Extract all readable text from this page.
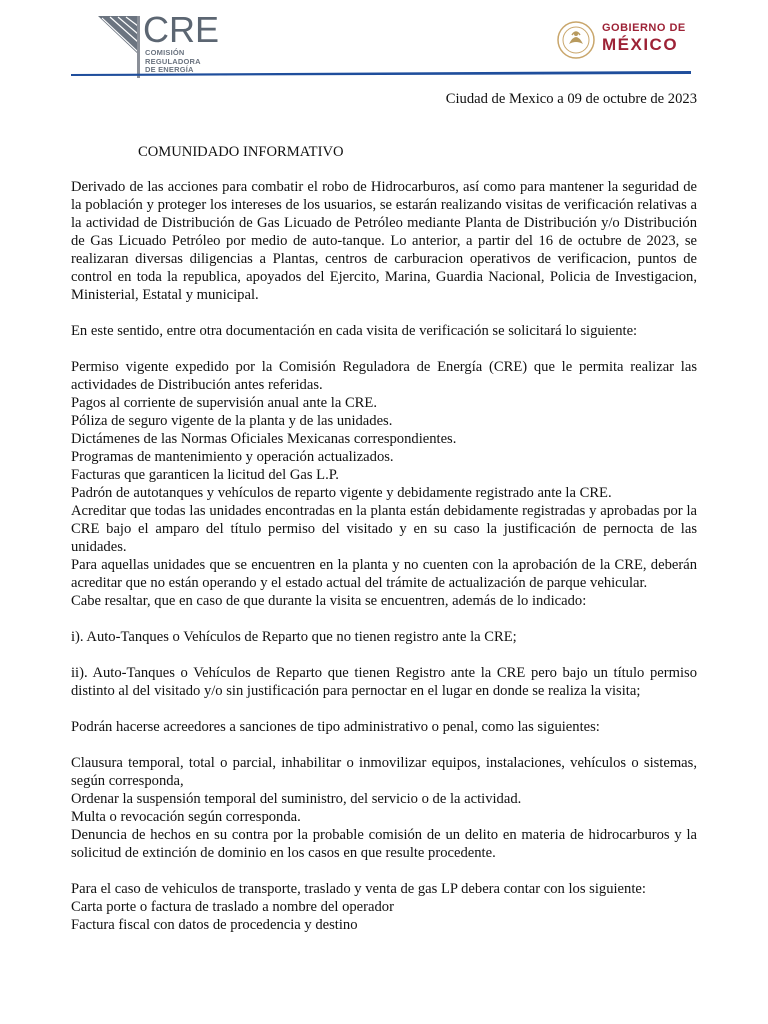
CRE
COMISIÓN
REGULADORA
DE ENERGÍA
GOBIERNO DE
MÉXICO

Ciudad de Mexico a 09 de octubre de 2023

COMUNIDADO INFORMATIVO

Derivado de las acciones para combatir el robo de Hidrocarburos, así como para mantener la seguridad de la población y proteger los intereses de los usuarios, se estarán realizando visitas de verificación relativas a la actividad de Distribución de Gas Licuado de Petróleo mediante Planta de Distribución y/o Distribución de Gas Licuado Petróleo por medio de auto-tanque. Lo anterior, a partir del 16 de octubre de 2023, se realizaran diversas diligencias a Plantas, centros de carburacion operativos de verificacion, puntos de control en toda la republica, apoyados del Ejercito, Marina, Guardia Nacional, Policia de Investigacion, Ministerial, Estatal y municipal.

En este sentido, entre otra documentación en cada visita de verificación se solicitará lo siguiente:

Permiso vigente expedido por la Comisión Reguladora de Energía (CRE) que le permita realizar las actividades de Distribución antes referidas.

Pagos al corriente de supervisión anual ante la CRE.

Póliza de seguro vigente de la planta y de las unidades.

Dictámenes de las Normas Oficiales Mexicanas correspondientes.

Programas de mantenimiento y operación actualizados.

Facturas que garanticen la licitud del Gas L.P.

Padrón de autotanques y vehículos de reparto vigente y debidamente registrado ante la CRE.

Acreditar que todas las unidades encontradas en la planta están debidamente registradas y aprobadas por la CRE bajo el amparo del título permiso del visitado y en su caso la justificación de pernocta de las unidades.

Para aquellas unidades que se encuentren en la planta y no cuenten con la aprobación de la CRE, deberán acreditar que no están operando y el estado actual del trámite de actualización de parque vehicular.

Cabe resaltar, que en caso de que durante la visita se encuentren, además de lo indicado:

i). Auto-Tanques o Vehículos de Reparto que no tienen registro ante la CRE;

ii). Auto-Tanques o Vehículos de Reparto que tienen Registro ante la CRE pero bajo un título permiso distinto al del visitado y/o sin justificación para pernoctar en el lugar en donde se realiza la visita;

Podrán hacerse acreedores a sanciones de tipo administrativo o penal, como las siguientes:

Clausura temporal, total o parcial, inhabilitar o inmovilizar equipos, instalaciones, vehículos o sistemas, según corresponda,

Ordenar la suspensión temporal del suministro, del servicio o de la actividad.

Multa o revocación según corresponda.

Denuncia de hechos en su contra por la probable comisión de un delito en materia de hidrocarburos y la solicitud de extinción de dominio en los casos en que resulte procedente.

Para el caso de vehiculos de transporte, traslado y venta de gas LP debera contar con los siguiente:

Carta porte o factura de traslado a nombre del operador

Factura fiscal con datos de procedencia y destino
